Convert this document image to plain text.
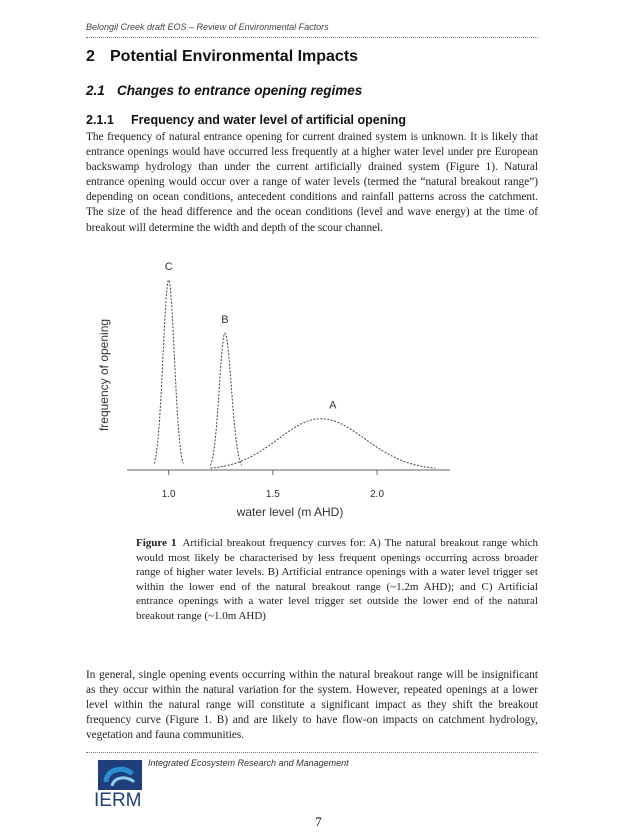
Belongil Creek draft EOS – Review of Environmental Factors
2 Potential Environmental Impacts
2.1 Changes to entrance opening regimes
2.1.1 Frequency and water level of artificial opening

The frequency of natural entrance opening for current drained system is unknown. It is likely that entrance openings would have occurred less frequently at a higher water level under pre European backswamp hydrology than under the current artificially drained system (Figure 1). Natural entrance opening would occur over a range of water levels (termed the “natural breakout range”) depending on ocean conditions, antecedent conditions and rainfall patterns across the catchment. The size of the head difference and the ocean conditions (level and wave energy) at the time of breakout will determine the width and depth of the scour channel.

frequency of opening
water level (m AHD)
1.0	1.5	2.0
C
B
A

Figure 1 Artificial breakout frequency curves for: A) The natural breakout range which would most likely be characterised by less frequent openings occurring across broader range of higher water levels. B) Artificial entrance openings with a water level trigger set within the lower end of the natural breakout range (~1.2m AHD); and C) Artificial entrance openings with a water level trigger set outside the lower end of the natural breakout range (~1.0m AHD)

In general, single opening events occurring within the natural breakout range will be insignificant as they occur within the natural variation for the system. However, repeated openings at a lower level within the natural range will constitute a significant impact as they shift the breakout frequency curve (Figure 1. B) and are likely to have flow-on impacts on catchment hydrology, vegetation and fauna communities.

Integrated Ecosystem Research and Management
IERM
7
